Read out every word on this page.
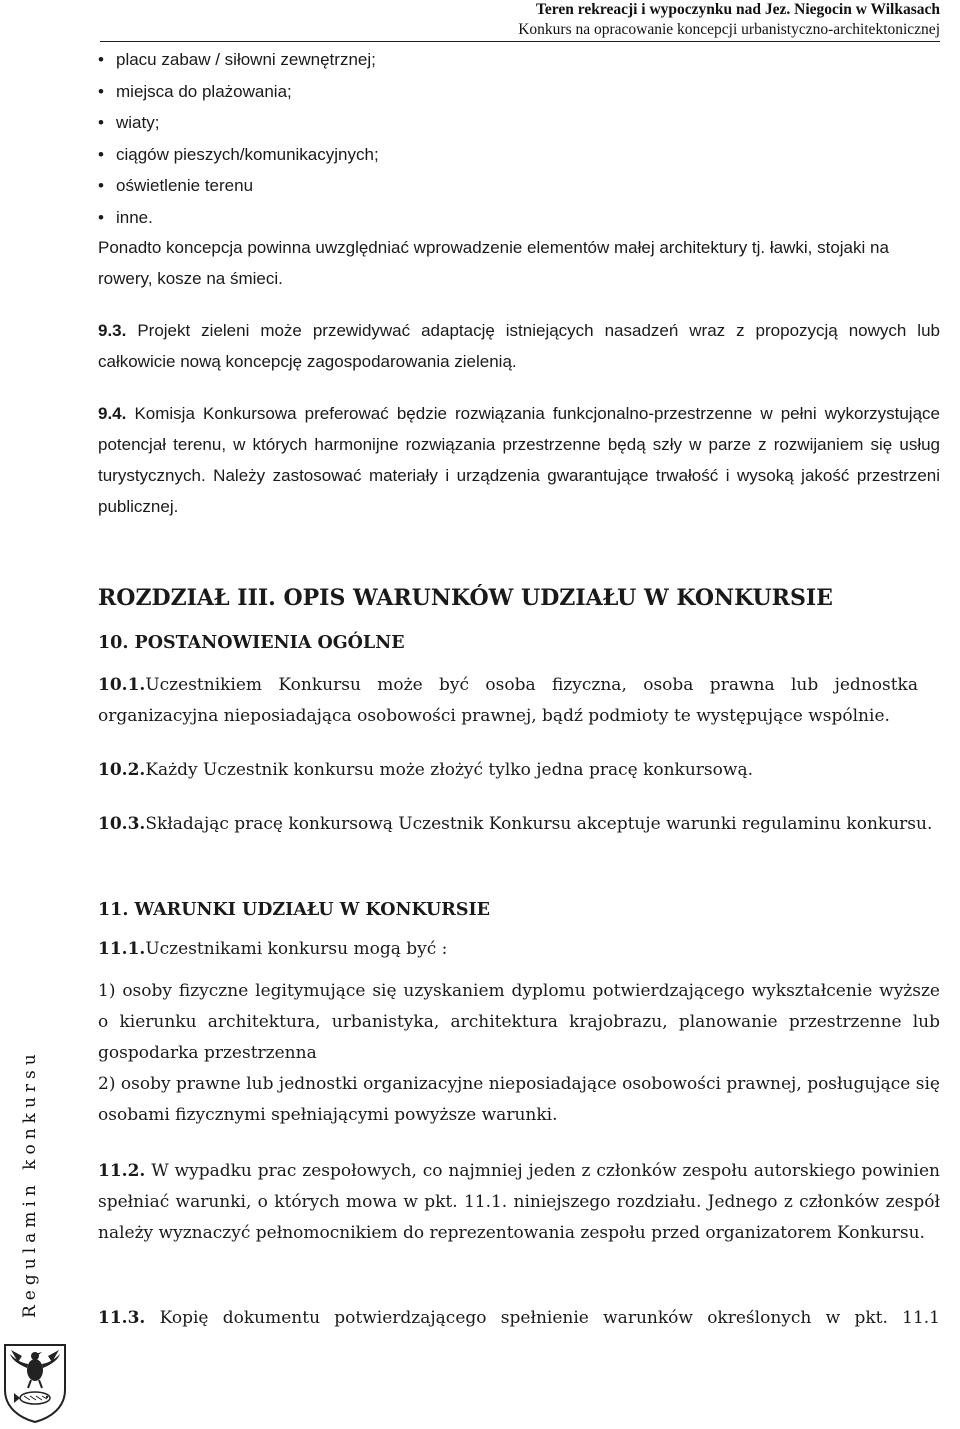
Teren rekreacji i wypoczynku nad Jez. Niegocin w Wilkasach
Konkurs na opracowanie koncepcji urbanistyczno-architektonicznej
• placu zabaw / siłowni zewnętrznej;
• miejsca do plażowania;
• wiaty;
• ciągów pieszych/komunikacyjnych;
• oświetlenie terenu
• inne.

Ponadto koncepcja powinna uwzględniać wprowadzenie elementów małej architektury tj. ławki, stojaki na rowery, kosze na śmieci.

9.3. Projekt zieleni może przewidywać adaptację istniejących nasadzeń wraz z propozycją nowych lub całkowicie nową koncepcję zagospodarowania zielenią.

9.4. Komisja Konkursowa preferować będzie rozwiązania funkcjonalno-przestrzenne w pełni wykorzystujące potencjał terenu, w których harmonijne rozwiązania przestrzenne będą szły w parze z rozwijaniem się usług turystycznych. Należy zastosować materiały i urządzenia gwarantujące trwałość i wysoką jakość przestrzeni publicznej.

ROZDZIAŁ III. OPIS WARUNKÓW UDZIAŁU W KONKURSIE
10. POSTANOWIENIA OGÓLNE

10.1.Uczestnikiem Konkursu może być osoba fizyczna, osoba prawna lub jednostka organizacyjna nieposiadająca osobowości prawnej, bądź podmioty te występujące wspólnie.

10.2.Każdy Uczestnik konkursu może złożyć tylko jedna pracę konkursową.

10.3.Składając pracę konkursową Uczestnik Konkursu akceptuje warunki regulaminu konkursu.

11. WARUNKI UDZIAŁU W KONKURSIE

11.1.Uczestnikami konkursu mogą być :

1) osoby fizyczne legitymujące się uzyskaniem dyplomu potwierdzającego wykształcenie wyższe o kierunku architektura, urbanistyka, architektura krajobrazu, planowanie przestrzenne lub gospodarka przestrzenna

2) osoby prawne lub jednostki organizacyjne nieposiadające osobowości prawnej, posługujące się osobami fizycznymi spełniającymi powyższe warunki.

11.2. W wypadku prac zespołowych, co najmniej jeden z członków zespołu autorskiego powinien spełniać warunki, o których mowa w pkt. 11.1. niniejszego rozdziału. Jednego z członków zespół należy wyznaczyć pełnomocnikiem do reprezentowania zespołu przed organizatorem Konkursu.

11.3. Kopię dokumentu potwierdzającego spełnienie warunków określonych w pkt. 11.1

Regulamin konkursu
